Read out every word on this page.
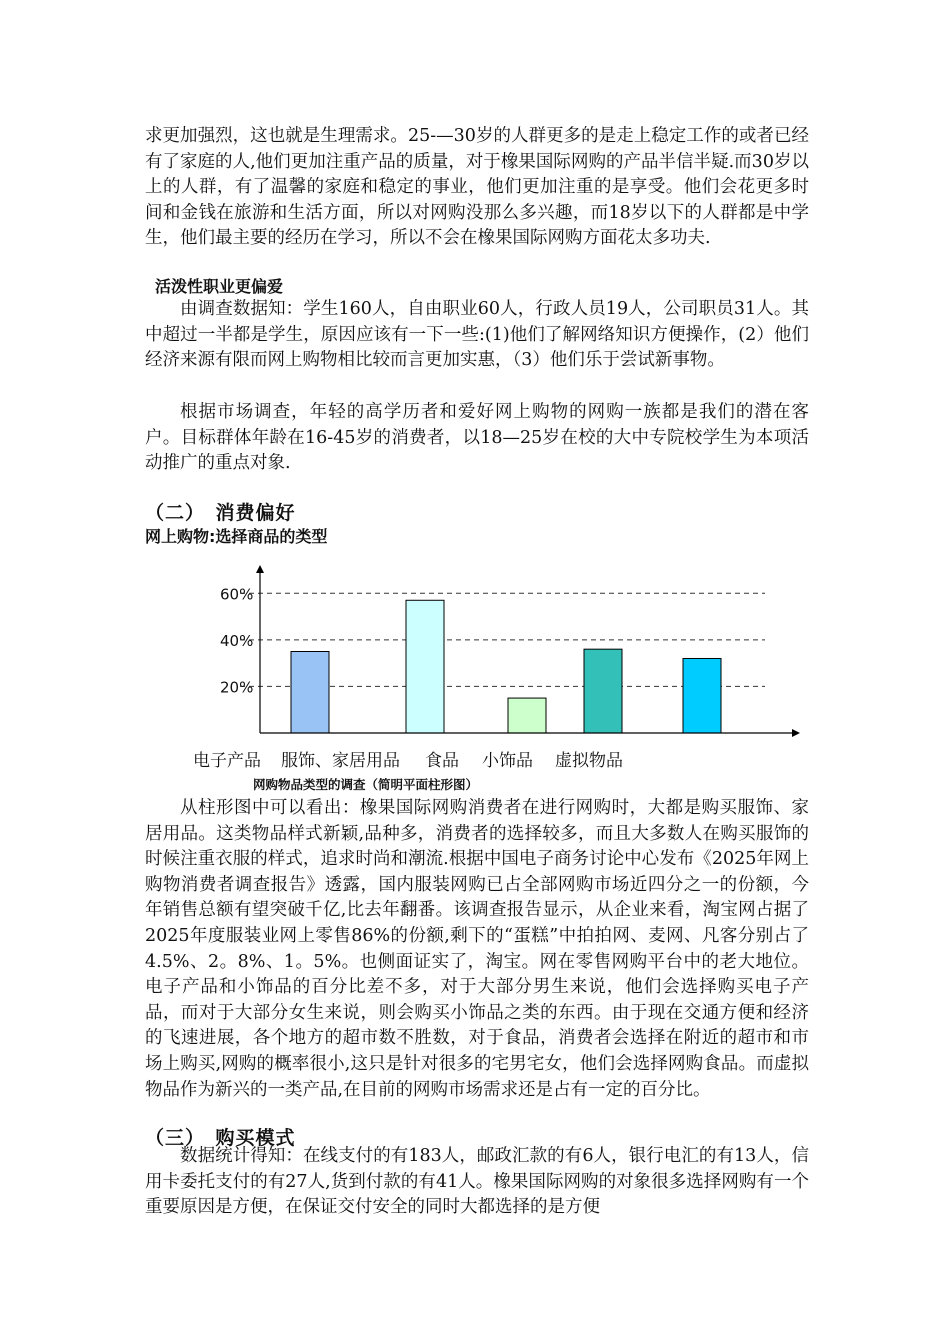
求更加强烈，这也就是生理需求。25-—30岁的人群更多的是走上稳定工作的或者已经有了家庭的人,他们更加注重产品的质量，对于橡果国际网购的产品半信半疑.而30岁以上的人群，有了温馨的家庭和稳定的事业，他们更加注重的是享受。他们会花更多时间和金钱在旅游和生活方面，所以对网购没那么多兴趣，而18岁以下的人群都是中学生，他们最主要的经历在学习，所以不会在橡果国际网购方面花太多功夫.

活泼性职业更偏爱

由调查数据知：学生160人，自由职业60人，行政人员19人，公司职员31人。其中超过一半都是学生，原因应该有一下一些:(1)他们了解网络知识方便操作，(2）他们经济来源有限而网上购物相比较而言更加实惠，（3）他们乐于尝试新事物。

根据市场调查，年轻的高学历者和爱好网上购物的网购一族都是我们的潜在客户。目标群体年龄在16-45岁的消费者，以18—25岁在校的大中专院校学生为本项活动推广的重点对象.

（二）　消费偏好

网上购物:选择商品的类型

20%
40%
60%
电子产品 服饰、家居用品 食品 小饰品 虚拟物品

网购物品类型的调查（简明平面柱形图）

从柱形图中可以看出：橡果国际网购消费者在进行网购时，大都是购买服饰、家居用品。这类物品样式新颖,品种多，消费者的选择较多，而且大多数人在购买服饰的时候注重衣服的样式，追求时尚和潮流.根据中国电子商务讨论中心发布《2025年网上购物消费者调查报告》透露，国内服装网购已占全部网购市场近四分之一的份额，今年销售总额有望突破千亿,比去年翻番。该调查报告显示，从企业来看，淘宝网占据了2025年度服装业网上零售86%的份额,剩下的“蛋糕”中拍拍网、麦网、凡客分别占了4.5%、2。8%、1。5%。也侧面证实了，淘宝。网在零售网购平台中的老大地位。电子产品和小饰品的百分比差不多，对于大部分男生来说，他们会选择购买电子产品，而对于大部分女生来说，则会购买小饰品之类的东西。由于现在交通方便和经济的飞速进展，各个地方的超市数不胜数，对于食品，消费者会选择在附近的超市和市场上购买,网购的概率很小,这只是针对很多的宅男宅女，他们会选择网购食品。而虚拟物品作为新兴的一类产品,在目前的网购市场需求还是占有一定的百分比。

（三）　购买模式

数据统计得知：在线支付的有183人，邮政汇款的有6人，银行电汇的有13人，信用卡委托支付的有27人,货到付款的有41人。橡果国际网购的对象很多选择网购有一个重要原因是方便，在保证交付安全的同时大都选择的是方便
